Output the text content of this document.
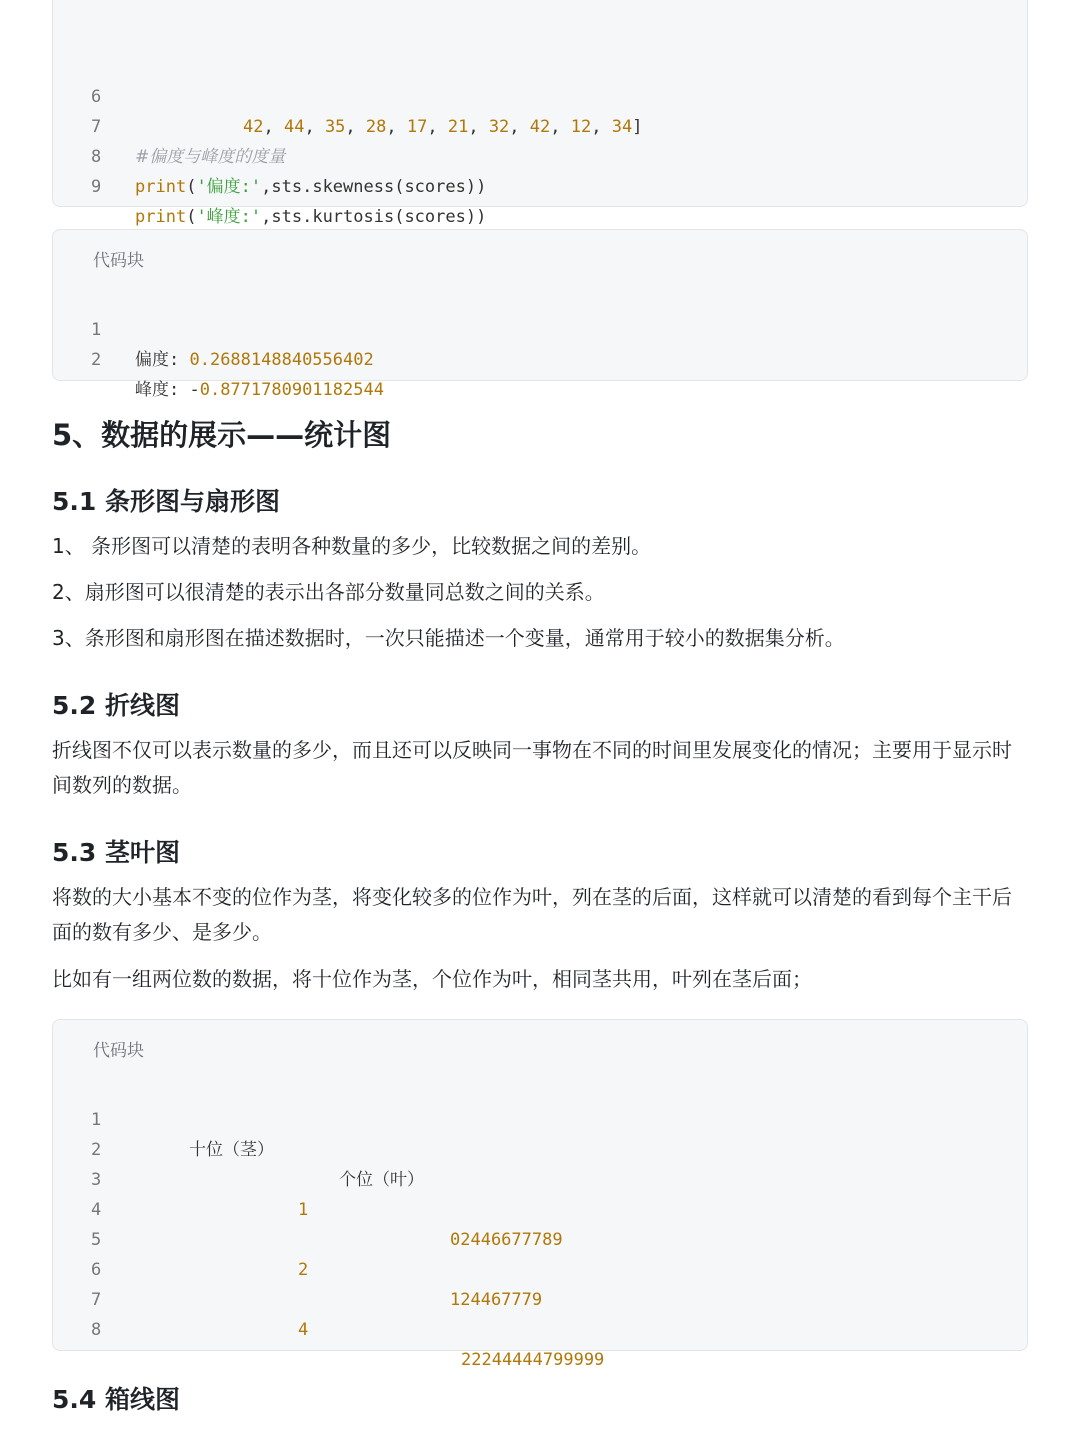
6

42, 44, 35, 28, 17, 21, 32, 42, 12, 34]

7

#偏度与峰度的度量

8

print('偏度:',sts.skewness(scores))

9

print('峰度:',sts.kurtosis(scores))

代码块

1

偏度: 0.2688148840556402

2

峰度: -0.8771780901182544

5、数据的展示——统计图
5.1 条形图与扇形图
1、 条形图可以清楚的表明各种数量的多少，比较数据之间的差别。
2、扇形图可以很清楚的表示出各部分数量同总数之间的关系。
3、条形图和扇形图在描述数据时，一次只能描述一个变量，通常用于较小的数据集分析。
5.2 折线图
折线图不仅可以表示数量的多少，而且还可以反映同一事物在不同的时间里发展变化的情况；主要用于显示时间数列的数据。
5.3 茎叶图
将数的大小基本不变的位作为茎，将变化较多的位作为叶，列在茎的后面，这样就可以清楚的看到每个主干后面的数有多少、是多少。
比如有一组两位数的数据，将十位作为茎，个位作为叶，相同茎共用，叶列在茎后面；
代码块

1

十位（茎）

个位（叶）

2

3

1

02446677789

4

5

2

124467779

6

7

4

22244444799999

8

5.4 箱线图
